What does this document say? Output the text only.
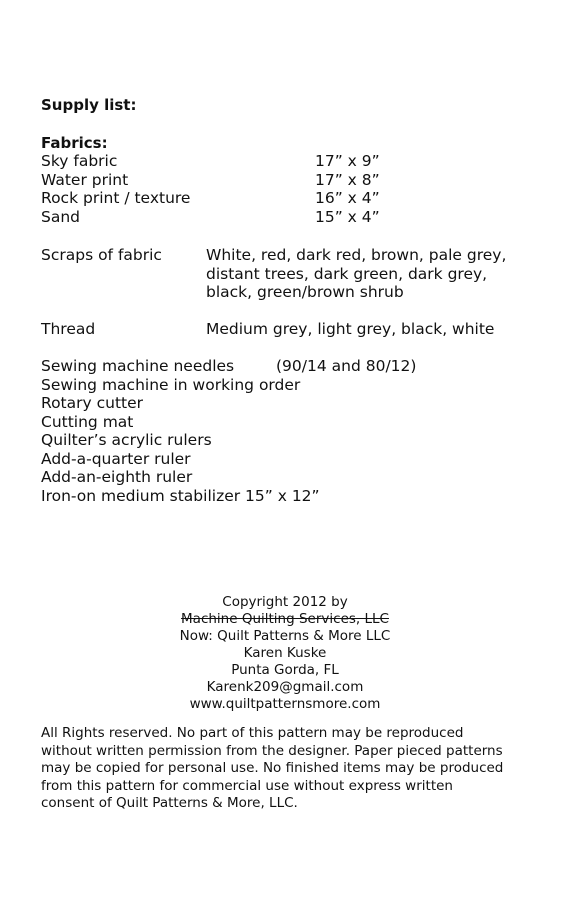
Supply list:
Fabrics:
Sky fabric	17” x 9”
Water print	17” x 8”
Rock print / texture	16” x 4”
Sand	15” x 4”
Scraps of fabric	White, red, dark red, brown, pale grey,
distant trees, dark green, dark grey,
black, green/brown shrub
Thread	Medium grey, light grey, black, white
Sewing machine needles	(90/14 and 80/12)
Sewing machine in working order
Rotary cutter
Cutting mat
Quilter’s acrylic rulers
Add-a-quarter ruler
Add-an-eighth ruler
Iron-on medium stabilizer 15” x 12”
Copyright 2012 by
Machine Quilting Services, LLC
Now: Quilt Patterns & More LLC
Karen Kuske
Punta Gorda, FL
Karenk209@gmail.com
www.quiltpatternsmore.com
All Rights reserved. No part of this pattern may be reproduced
without written permission from the designer. Paper pieced patterns
may be copied for personal use. No finished items may be produced
from this pattern for commercial use without express written
consent of Quilt Patterns & More, LLC.
